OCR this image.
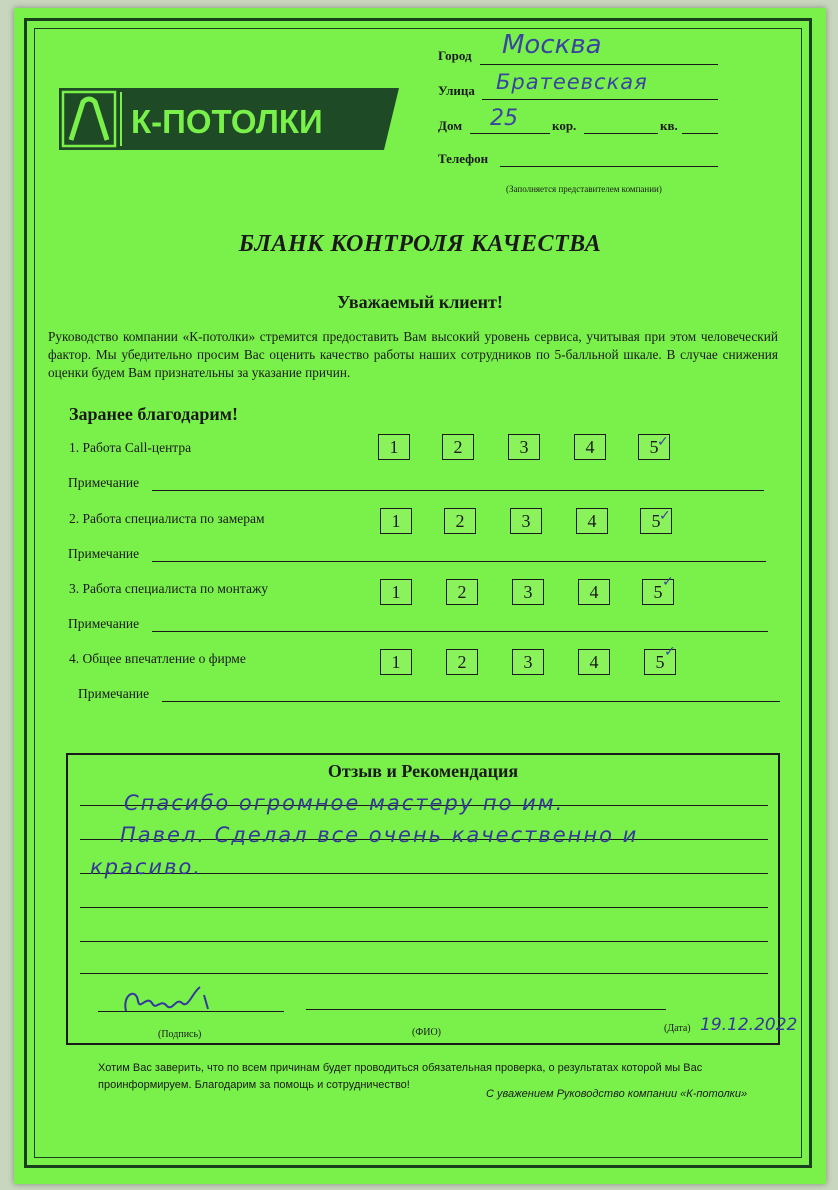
К-ПОТОЛКИ
Город Москва
Улица Братеевская
Дом 25	кор.	кв.
Телефон
(Заполняется представителем компании)
БЛАНК КОНТРОЛЯ КАЧЕСТВА
Уважаемый клиент!
Руководство компании «К-потолки» стремится предоставить Вам высокий уровень сервиса, учитывая при этом человеческий фактор. Мы убедительно просим Вас оценить качество работы наших сотрудников по 5-балльной шкале. В случае снижения оценки будем Вам признательны за указание причин.
Заранее благодарим!
1. Работа Call-центра	1	2	3	4	5
✓
Примечание
2. Работа специалиста по замерам	1	2	3	4	5
✓
Примечание
3. Работа специалиста по монтажу	1	2	3	4	5 ✓
Примечание
4. Общее впечатление о фирме	1	2	3	4	5 ✓
Примечание
Отзыв и Рекомендация
Спасибо огромное мастеру по им.
Павел. Сделал все очень качественно и
красиво.
(Подпись)	(ФИО)	(Дата) 19.12.2022
Хотим Вас заверить, что по всем причинам будет проводиться обязательная проверка, о результатах которой мы Вас проинформируем. Благодарим за помощь и сотрудничество!
С уважением Руководство компании «К-потолки»
